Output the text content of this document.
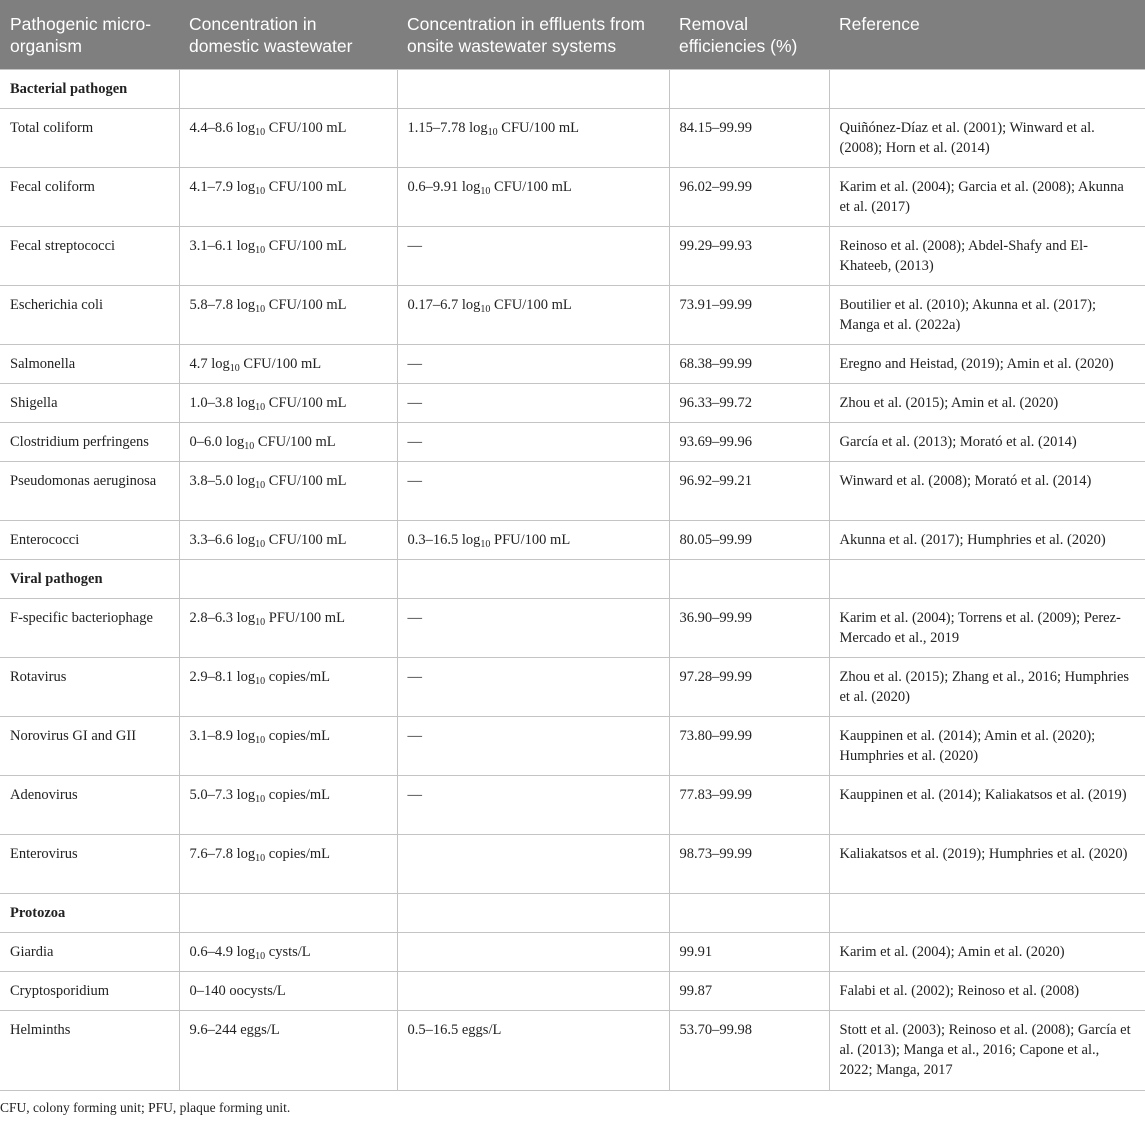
Pathogenic micro-organism	Concentration in domestic wastewater	Concentration in effluents from onsite wastewater systems	Removal efficiencies (%)	Reference
Bacterial pathogen				
Total coliform	4.4–8.6 $\log_{10} CFU/100$ mL	1.15–7.78 $\log_{10} CFU/100$ mL	84.15–99.99	Quiñónez-Díaz et al. (2001); Winward et al. (2008); Horn et al. (2014)
Fecal coliform	4.1–7.9 $\log_{10} CFU/100$ mL	0.6–9.91 $\log_{10} CFU/100$ mL	96.02–99.99	Karim et al. (2004); Garcia et al. (2008); Akunna et al. (2017)
Fecal streptococci	3.1–6.1 $\log_{10} CFU/100$ mL	—	99.29–99.93	Reinoso et al. (2008); Abdel-Shafy and El-Khateeb, (2013)
Escherichia coli	5.8–7.8 $\log_{10} CFU/100$ mL	0.17–6.7 $\log_{10} CFU/100$ mL	73.91–99.99	Boutilier et al. (2010); Akunna et al. (2017); Manga et al. (2022a)
Salmonella	4.7 $\log_{10} CFU/100$ mL	—	68.38–99.99	Eregno and Heistad, (2019); Amin et al. (2020)
Shigella	1.0–3.8 $\log_{10} CFU/100$ mL	—	96.33–99.72	Zhou et al. (2015); Amin et al. (2020)
Clostridium perfringens	0–6.0 $\log_{10} CFU/100$ mL	—	93.69–99.96	García et al. (2013); Morató et al. (2014)
Pseudomonas aeruginosa	3.8–5.0 $\log_{10} CFU/100$ mL	—	96.92–99.21	Winward et al. (2008); Morató et al. (2014)
Enterococci	3.3–6.6 $\log_{10} CFU/100$ mL	0.3–16.5 $\log_{10} PFU/100$ mL	80.05–99.99	Akunna et al. (2017); Humphries et al. (2020)
Viral pathogen				
F-specific bacteriophage	2.8–6.3 $\log_{10} PFU/100$ mL	—	36.90–99.99	Karim et al. (2004); Torrens et al. (2009); Perez-Mercado et al., 2019
Rotavirus	2.9–8.1 $\log_{10}$ copies/mL	—	97.28–99.99	Zhou et al. (2015); Zhang et al., 2016; Humphries et al. (2020)
Norovirus GI and GII	3.1–8.9 $\log_{10}$ copies/mL	—	73.80–99.99	Kauppinen et al. (2014); Amin et al. (2020); Humphries et al. (2020)
Adenovirus	5.0–7.3 $\log_{10}$ copies/mL	—	77.83–99.99	Kauppinen et al. (2014); Kaliakatsos et al. (2019)
Enterovirus	7.6–7.8 $\log_{10}$ copies/mL		98.73–99.99	Kaliakatsos et al. (2019); Humphries et al. (2020)
Protozoa				
Giardia	0.6–4.9 $\log_{10}$ cysts/L		99.91	Karim et al. (2004); Amin et al. (2020)
Cryptosporidium	0–140 oocysts/L		99.87	Falabi et al. (2002); Reinoso et al. (2008)
Helminths	9.6–244 eggs/L	0.5–16.5 eggs/L	53.70–99.98	Stott et al. (2003); Reinoso et al. (2008); García et al. (2013); Manga et al., 2016; Capone et al., 2022; Manga, 2017
CFU, colony forming unit; PFU, plaque forming unit.
